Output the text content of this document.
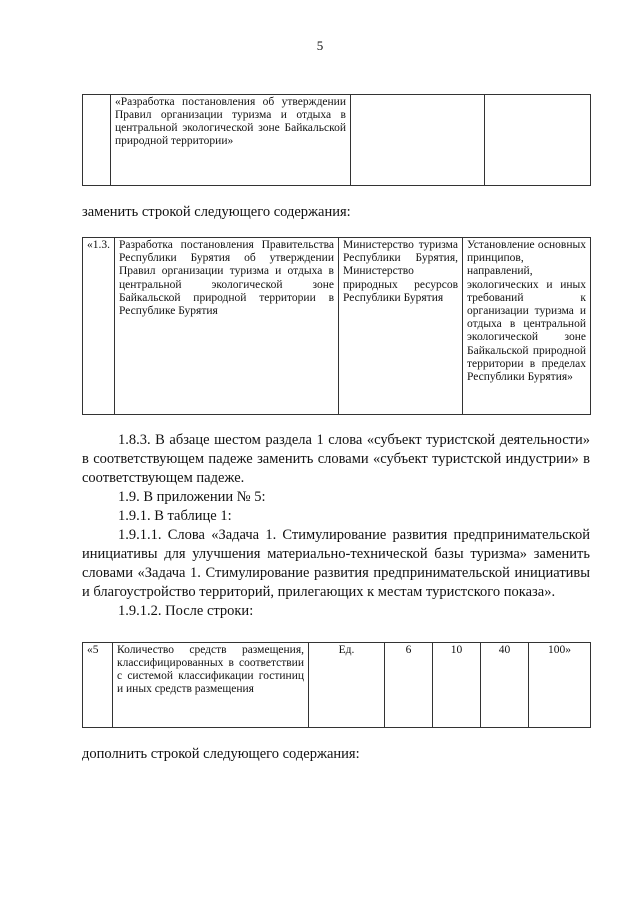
5
	«Разработка постановления об утверждении Правил организации туризма и отдыха в центральной экологической зоне Байкальской природной территории»		
заменить строкой следующего содержания:
«1.3.	Разработка постановления Правительства Республики Бурятия об утверждении Правил организации туризма и отдыха в центральной экологической зоне Байкальской природной территории в Республике Бурятия	Министерство туризма Республики Бурятия, Министерство природных ресурсов Республики Бурятия	Установление основных принципов, направлений, экологических и иных требований к организации туризма и отдыха в центральной экологической зоне Байкальской природной территории в пределах Республики Бурятия»
1.8.3. В абзаце шестом раздела 1 слова «субъект туристской деятельности» в соответствующем падеже заменить словами «субъект туристской индустрии» в соответствующем падеже.
1.9. В приложении № 5:
1.9.1. В таблице 1:
1.9.1.1. Слова «Задача 1. Стимулирование развития предпринимательской инициативы для улучшения материально-технической базы туризма» заменить словами «Задача 1. Стимулирование развития предпринимательской инициативы и благоустройство территорий, прилегающих к местам туристского показа».
1.9.1.2. После строки:
«5	Количество средств размещения, классифицированных в соответствии с системой классификации гостиниц и иных средств размещения	Ед.	6	10	40	100»
дополнить строкой следующего содержания:
